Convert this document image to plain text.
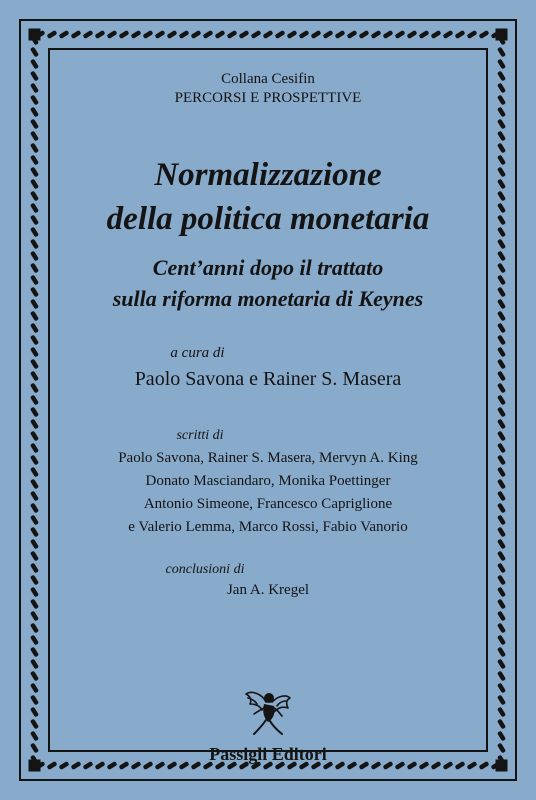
Collana Cesifin
PERCORSI E PROSPETTIVE
Normalizzazione
della politica monetaria
Cent’anni dopo il trattato
sulla riforma monetaria di Keynes
a cura di
Paolo Savona e Rainer S. Masera
scritti di
Paolo Savona, Rainer S. Masera, Mervyn A. King
Donato Masciandaro, Monika Poettinger
Antonio Simeone, Francesco Capriglione
e Valerio Lemma, Marco Rossi, Fabio Vanorio
conclusioni di
Jan A. Kregel
Passigli Editori
